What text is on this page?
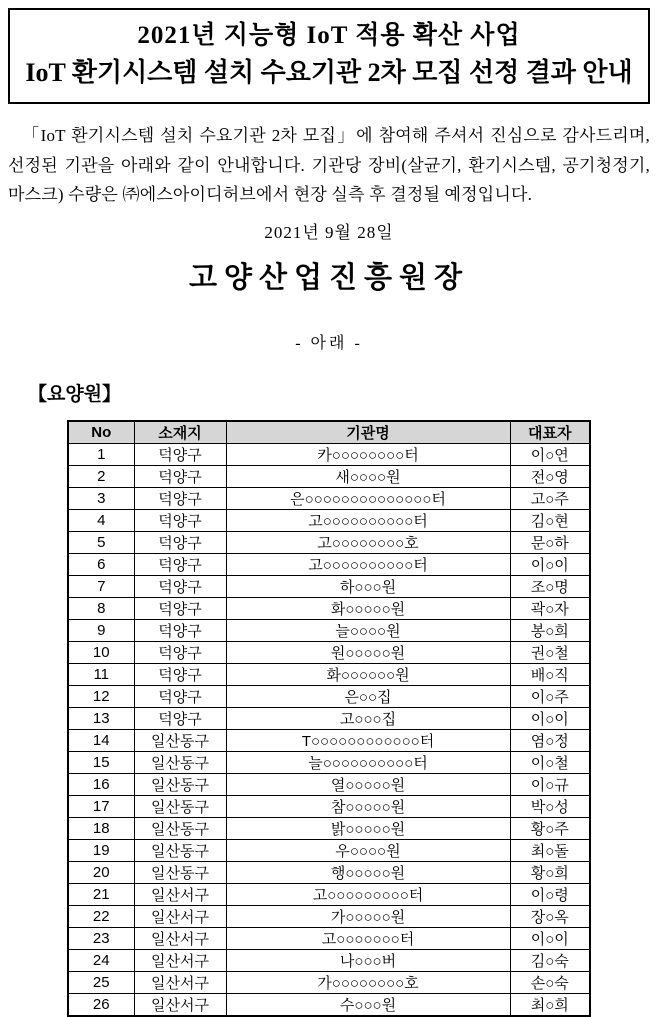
2021년 지능형 IoT 적용 확산 사업
IoT 환기시스템 설치 수요기관 2차 모집 선정 결과 안내

「IoT 환기시스템 설치 수요기관 2차 모집」에 참여해 주셔서 진심으로 감사드리며, 선정된 기관을 아래와 같이 안내합니다. 기관당 장비(살균기, 환기시스템, 공기청정기, 마스크) 수량은 ㈜에스아이디허브에서 현장 실측 후 결정될 예정입니다.

2021년 9월 28일
고양산업진흥원장
- 아래 -
【요양원】
No	소재지	기관명	대표자
1	덕양구	카○○○○○○○○터	이○연
2	덕양구	새○○○○원	전○영
3	덕양구	은○○○○○○○○○○○○○○터	고○주
4	덕양구	고○○○○○○○○○○터	김○현
5	덕양구	고○○○○○○○○호	문○하
6	덕양구	고○○○○○○○○○○터	이○이
7	덕양구	하○○○원	조○명
8	덕양구	화○○○○○원	곽○자
9	덕양구	늘○○○○원	봉○희
10	덕양구	원○○○○○원	권○철
11	덕양구	화○○○○○○원	배○직
12	덕양구	은○○집	이○주
13	덕양구	고○○○집	이○이
14	일산동구	T○○○○○○○○○○○○터	염○정
15	일산동구	늘○○○○○○○○○○터	이○철
16	일산동구	열○○○○○원	이○규
17	일산동구	참○○○○○원	박○성
18	일산동구	밝○○○○○원	황○주
19	일산동구	우○○○○원	최○돌
20	일산동구	행○○○○○원	황○희
21	일산서구	고○○○○○○○○○터	이○령
22	일산서구	가○○○○○원	장○옥
23	일산서구	고○○○○○○○터	이○이
24	일산서구	나○○○버	김○숙
25	일산서구	가○○○○○○○○호	손○숙
26	일산서구	수○○○원	최○희
